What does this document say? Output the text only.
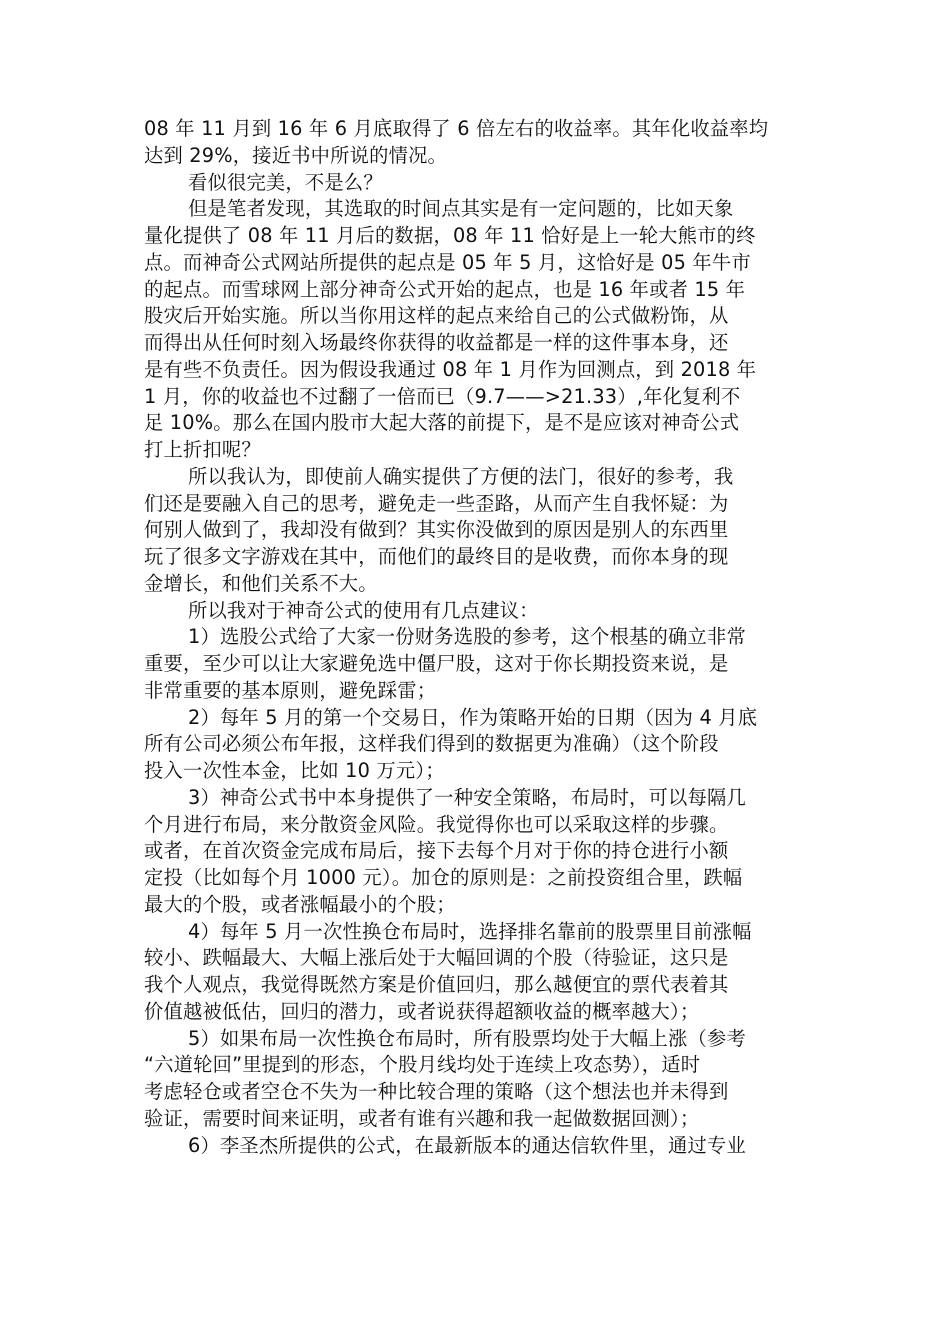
08 年 11 月到 16 年 6 月底取得了 6 倍左右的收益率。其年化收益率均
达到 29%，接近书中所说的情况。
看似很完美，不是么？
但是笔者发现，其选取的时间点其实是有一定问题的，比如天象
量化提供了 08 年 11 月后的数据，08 年 11 恰好是上一轮大熊市的终
点。而神奇公式网站所提供的起点是 05 年 5 月，这恰好是 05 年牛市
的起点。而雪球网上部分神奇公式开始的起点，也是 16 年或者 15 年
股灾后开始实施。所以当你用这样的起点来给自己的公式做粉饰，从
而得出从任何时刻入场最终你获得的收益都是一样的这件事本身，还
是有些不负责任。因为假设我通过 08 年 1 月作为回测点，到 2018 年
1 月，你的收益也不过翻了一倍而已（9.7——>21.33）,年化复利不
足 10%。那么在国内股市大起大落的前提下，是不是应该对神奇公式
打上折扣呢？
所以我认为，即使前人确实提供了方便的法门，很好的参考，我
们还是要融入自己的思考，避免走一些歪路，从而产生自我怀疑：为
何别人做到了，我却没有做到？其实你没做到的原因是别人的东西里
玩了很多文字游戏在其中，而他们的最终目的是收费，而你本身的现
金增长，和他们关系不大。
所以我对于神奇公式的使用有几点建议：
1）选股公式给了大家一份财务选股的参考，这个根基的确立非常
重要，至少可以让大家避免选中僵尸股，这对于你长期投资来说，是
非常重要的基本原则，避免踩雷；
2）每年 5 月的第一个交易日，作为策略开始的日期（因为 4 月底
所有公司必须公布年报，这样我们得到的数据更为准确）（这个阶段
投入一次性本金，比如 10 万元）；
3）神奇公式书中本身提供了一种安全策略，布局时，可以每隔几
个月进行布局，来分散资金风险。我觉得你也可以采取这样的步骤。
或者，在首次资金完成布局后，接下去每个月对于你的持仓进行小额
定投（比如每个月 1000 元）。加仓的原则是：之前投资组合里，跌幅
最大的个股，或者涨幅最小的个股；
4）每年 5 月一次性换仓布局时，选择排名靠前的股票里目前涨幅
较小、跌幅最大、大幅上涨后处于大幅回调的个股（待验证，这只是
我个人观点，我觉得既然方案是价值回归，那么越便宜的票代表着其
价值越被低估，回归的潜力，或者说获得超额收益的概率越大）；
5）如果布局一次性换仓布局时，所有股票均处于大幅上涨（参考
“六道轮回”里提到的形态，个股月线均处于连续上攻态势），适时
考虑轻仓或者空仓不失为一种比较合理的策略（这个想法也并未得到
验证，需要时间来证明，或者有谁有兴趣和我一起做数据回测）；
6）李圣杰所提供的公式，在最新版本的通达信软件里，通过专业
